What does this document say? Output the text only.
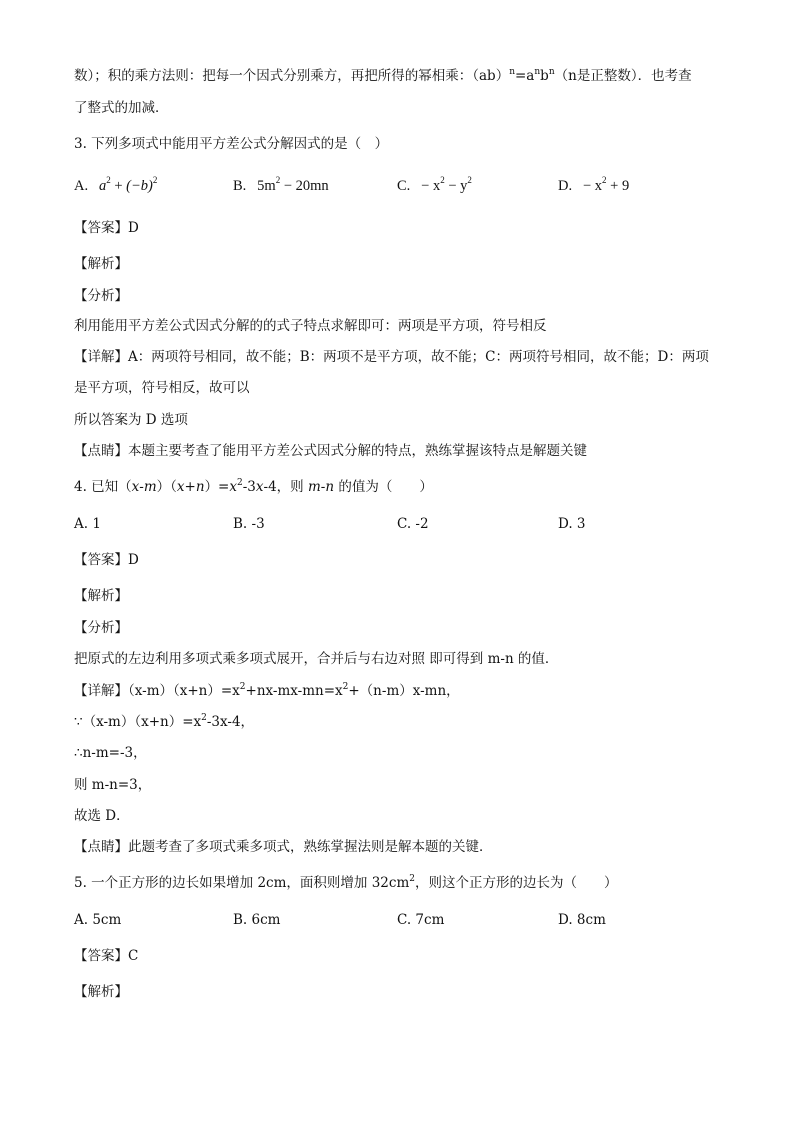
数）；积的乘方法则：把每一个因式分别乘方，再把所得的幂相乘：$(ab)^n=a^nb^n(n$是正整数）．也考查
了整式的加减．
3. 下列多项式中能用平方差公式分解因式的是（　）
A. $a^2 + (-b)^2$	B. $5m^2 - 20mn$	C. − $x^2 - y^2$	D. − $x^2 + 9$
【答案】D
【解析】
【分析】
利用能用平方差公式因式分解的的式子特点求解即可：两项是平方项，符号相反
【详解】A：两项符号相同，故不能；B：两项不是平方项，故不能；C：两项符号相同，故不能；D：两项
是平方项，符号相反，故可以
所以答案为 D 选项
【点睛】本题主要考查了能用平方差公式因式分解的特点，熟练掌握该特点是解题关键
4. 已知$(x-m)(x+n)=x^2-3x-4$，则 m-n 的值为（　　）
A. 1	B. -3	C. -2	D. 3
【答案】D
【解析】
【分析】
把原式的左边利用多项式乘多项式展开，合并后与右边对照 即可得到 m-n 的值．
【详解】$(x-m)(x+n)=x^2+nx-mx-mn=x^2+(n-m)x-mn$，
$\because(x-m)(x+n)=x^2-3x-4$，
∴n-m=-3，
则 m-n=3，
故选 D．
【点睛】此题考查了多项式乘多项式，熟练掌握法则是解本题的关键．
5. 一个正方形的边长如果增加 2cm，面积则增加 $32cm^2$，则这个正方形的边长为（　　）
A. 5cm	B. 6cm	C. 7cm	D. 8cm
【答案】C
【解析】
